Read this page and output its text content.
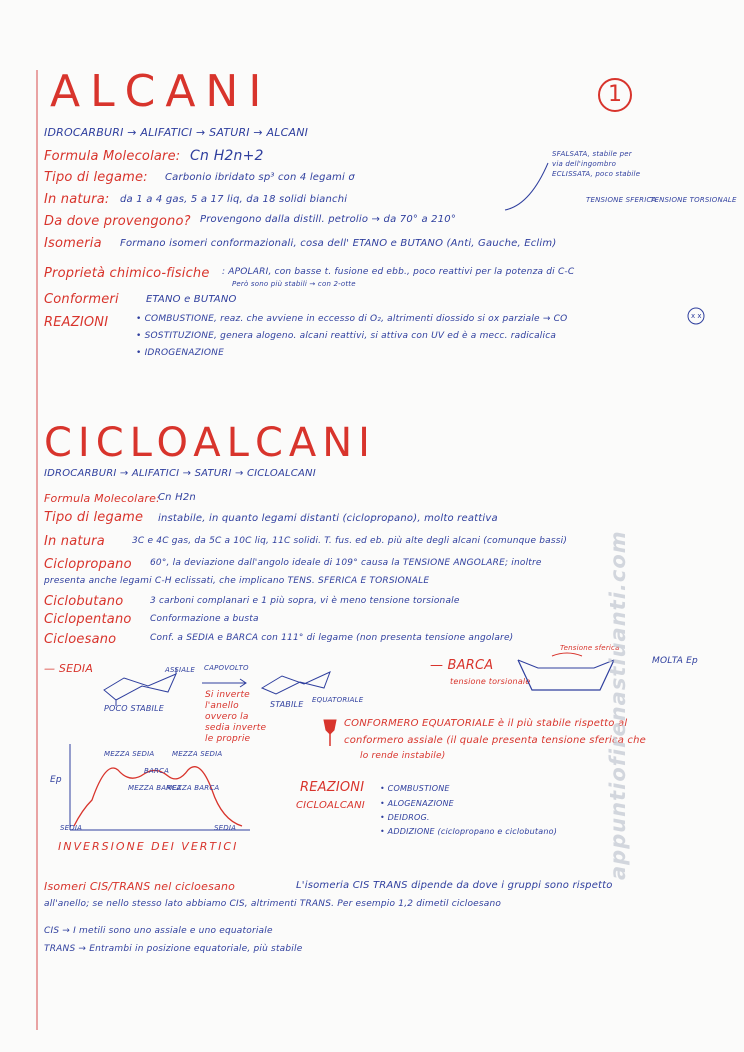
ALCANI	1
IDROCARBURI → ALIFATICI → SATURI → ALCANI
Formula Molecolare: Cn H2n+2
Tipo di legame: Carbonio ibridato sp³ con 4 legami σ
In natura: da 1 a 4 gas, 5 a 17 liq, da 18 solidi bianchi
Da dove provengono? Provengono dalla distill. petrolio → da 70° a 210°
SFALSATA, stabile per
via dell'ingombro
ECLISSATA, poco stabile
TENSIONE SFERICA
TENSIONE TORSIONALE
Isomeria Formano isomeri conformazionali, cosa dell' ETANO e BUTANO (Anti, Gauche, Eclim)
Proprietà chimico-fisiche : APOLARI, con basse t. fusione ed ebb., poco reattivi per la potenza di C-C
Però sono più stabili → con 2-otte
Conformeri	ETANO e BUTANO
REAZIONI	• COMBUSTIONE, reaz. che avviene in eccesso di O₂, altrimenti diossido si ox parziale → CO
• SOSTITUZIONE, genera alogeno. alcani reattivi, si attiva con UV ed è a mecc. radicalica
• IDROGENAZIONE
x x
CICLOALCANI
IDROCARBURI → ALIFATICI → SATURI → CICLOALCANI
Formula Molecolare:
Cn H2n
Tipo di legame instabile, in quanto legami distanti (ciclopropano), molto reattiva
In natura	3C e 4C gas, da 5C a 10C liq, 11C solidi. T. fus. ed eb. più alte degli alcani (comunque bassi)
Ciclopropano 60°, la deviazione dall'angolo ideale di 109° causa la TENSIONE ANGOLARE; inoltre
presenta anche legami C-H eclissati, che implicano TENS. SFERICA E TORSIONALE
Ciclobutano	3 carboni complanari e 1 più sopra, vi è meno tensione torsionale
Ciclopentano Conformazione a busta
Cicloesano	Conf. a SEDIA e BARCA con 111° di legame (non presenta tensione angolare)
— SEDIA	ASSIALE
POCO STABILE
CAPOVOLTO
Si inverte
l'anello
ovvero la
sedia inverte
le proprie
STABILE EQUATORIALE
— BARCA
tensione torsionale
Tensione sferica
MOLTA Ep
CONFORMERO EQUATORIALE è il più stabile rispetto al
conformero assiale (il quale presenta tensione sferica che
lo rende instabile)
Ep
MEZZA SEDIA
BARCA
MEZZA BARCA
MEZZA BARCA
MEZZA SEDIA
SEDIA	SEDIA
INVERSIONE DEI VERTICI
REAZIONI
CICLOALCANI
• COMBUSTIONE
• ALOGENAZIONE
• DEIDROG.
• ADDIZIONE (ciclopropano e ciclobutano)
Isomeri CIS/TRANS nel cicloesano	L'isomeria CIS TRANS dipende da dove i gruppi sono rispetto
all'anello; se nello stesso lato abbiamo CIS, altrimenti TRANS. Per esempio 1,2 dimetil cicloesano
CIS → I metili sono uno assiale e uno equatoriale
TRANS → Entrambi in posizione equatoriale, più stabile
appuntiofirenastiuanti.com
